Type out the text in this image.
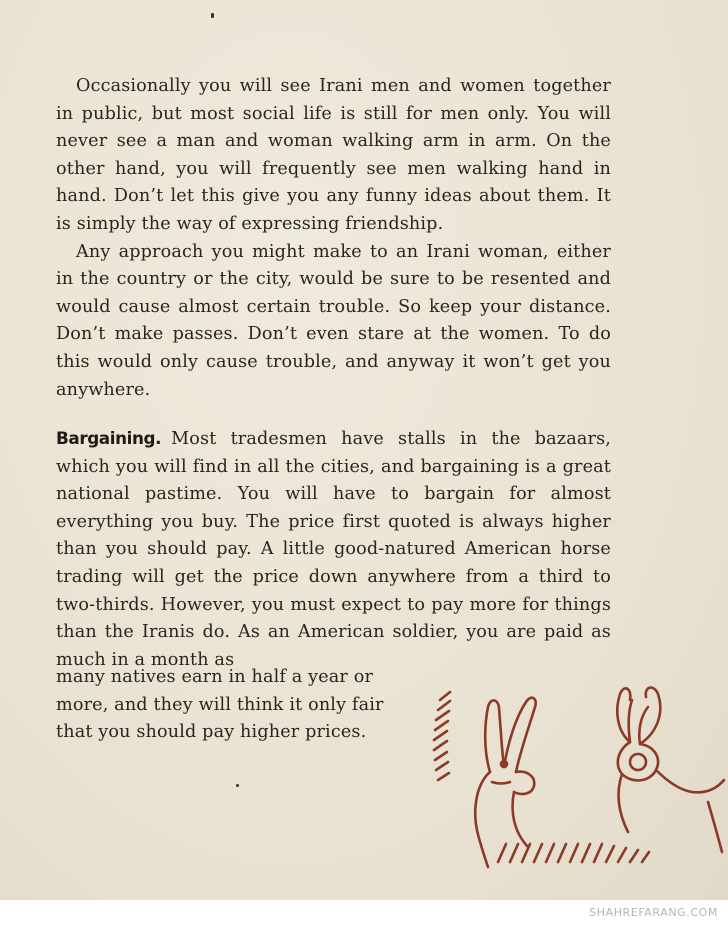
Occasionally you will see Irani men and women together in public, but most social life is still for men only. You will never see a man and woman walking arm in arm. On the other hand, you will frequently see men walking hand in hand. Don’t let this give you any funny ideas about them. It is simply the way of expressing friendship.

Any approach you might make to an Irani woman, either in the country or the city, would be sure to be resented and would cause almost certain trouble. So keep your distance. Don’t make passes. Don’t even stare at the women. To do this would only cause trouble, and anyway it won’t get you anywhere.

Bargaining. Most tradesmen have stalls in the bazaars, which you will find in all the cities, and bargaining is a great national pastime. You will have to bargain for almost everything you buy. The price first quoted is always higher than you should pay. A little good-natured American horse trading will get the price down anywhere from a third to two-thirds. However, you must expect to pay more for things than the Iranis do. As an American soldier, you are paid as much in a month as

many natives earn in half a year or

more, and they will think it only fair

that you should pay higher prices.

SHAHREFARANG.COM
